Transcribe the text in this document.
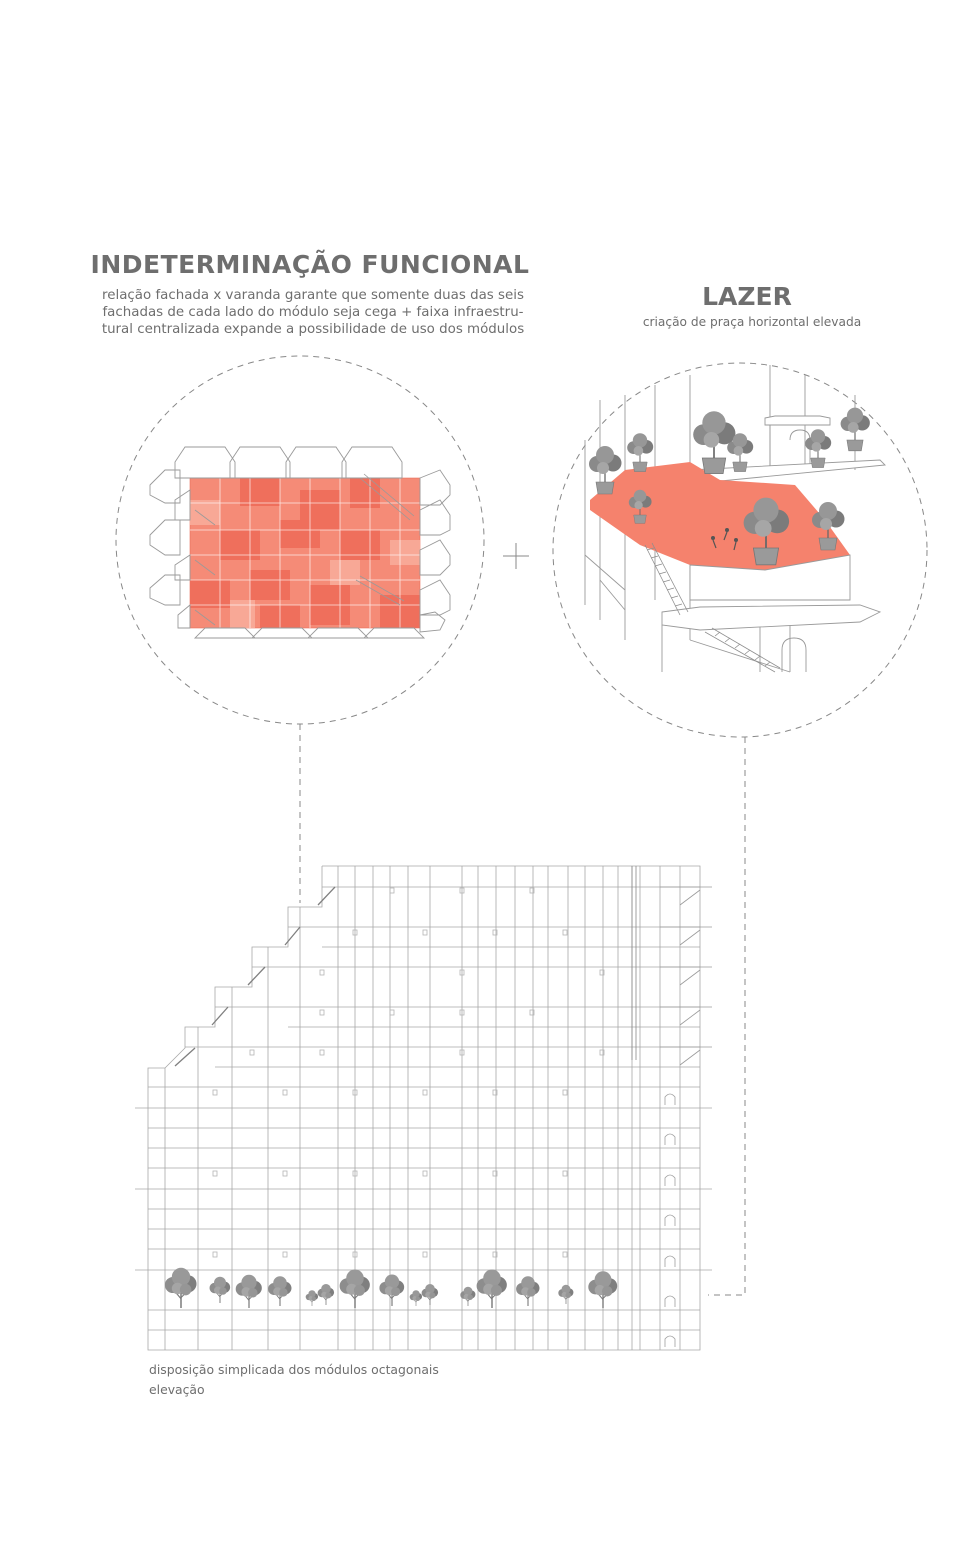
INDETERMINAÇÃO FUNCIONAL
relação fachada x varanda garante que somente duas das seis
fachadas de cada lado do módulo seja cega + faixa infraestru-
tural centralizada expande a possibilidade de uso dos módulos
LAZER
criação de praça horizontal elevada
disposição simplicada dos módulos octagonais
elevação
